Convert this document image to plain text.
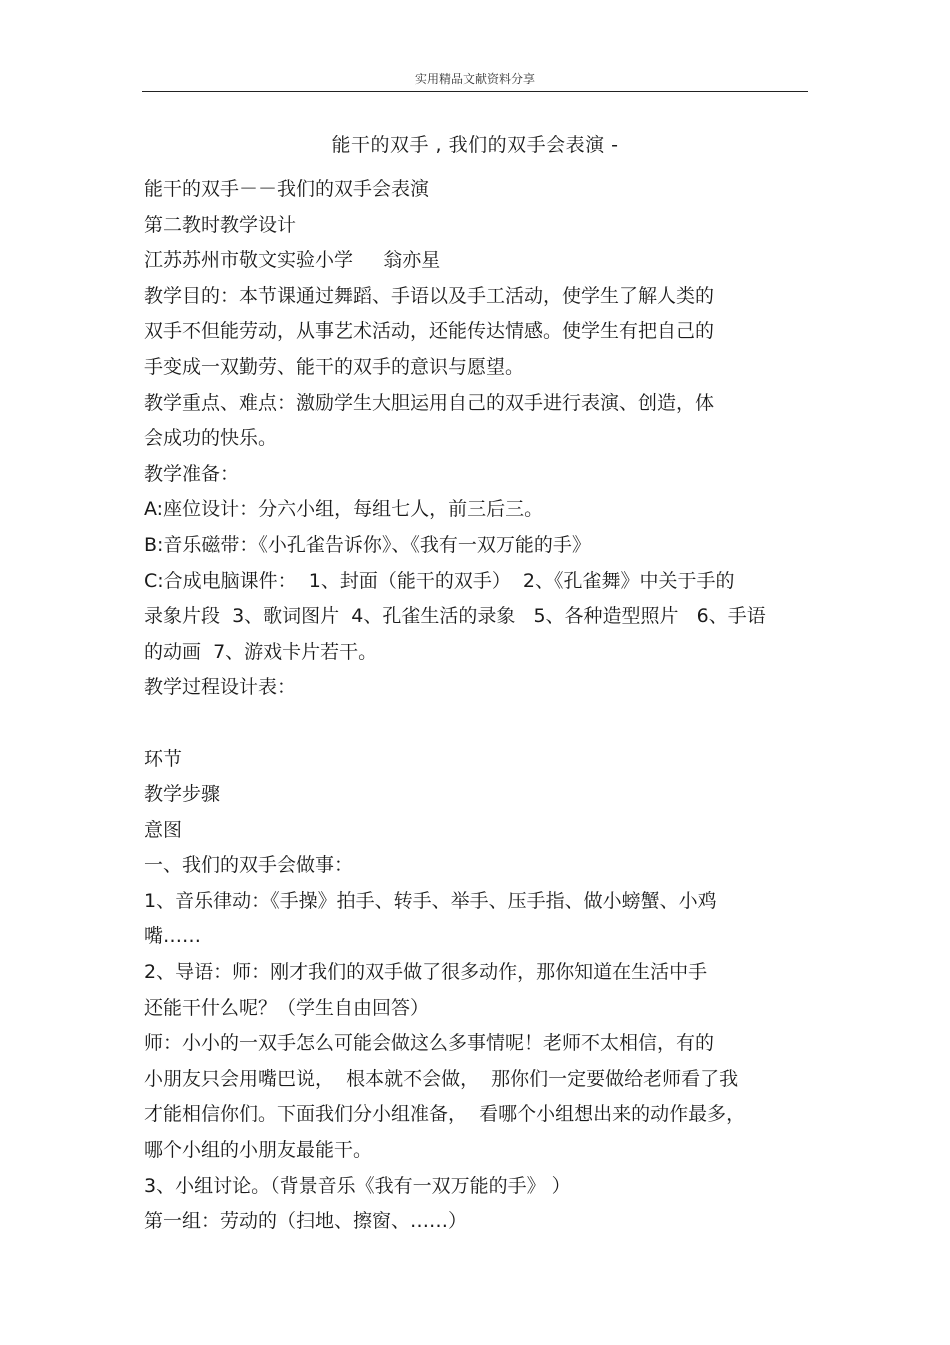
实用精品文献资料分享
能干的双手 , 我们的双手会表演 -
能干的双手－－我们的双手会表演
第二教时教学设计
江苏苏州市敬文实验小学     翁亦星
教学目的：本节课通过舞蹈、手语以及手工活动，使学生了解人类的
双手不但能劳动，从事艺术活动，还能传达情感。使学生有把自己的
手变成一双勤劳、能干的双手的意识与愿望。
教学重点、难点：激励学生大胆运用自己的双手进行表演、创造，体
会成功的快乐。
教学准备：
A:座位设计：分六小组，每组七人，前三后三。
B:音乐磁带：《小孔雀告诉你》、《我有一双万能的手》
C:合成电脑课件：  1、封面（能干的双手）  2、《孔雀舞》中关于手的
录象片段  3、歌词图片  4、孔雀生活的录象   5、各种造型照片   6、手语
的动画  7、游戏卡片若干。
教学过程设计表：
环节
教学步骤
意图
一、我们的双手会做事：
1、音乐律动：《手操》拍手、转手、举手、压手指、做小螃蟹、小鸡
嘴……
2、导语：师：刚才我们的双手做了很多动作，那你知道在生活中手
还能干什么呢？（学生自由回答）
师：小小的一双手怎么可能会做这么多事情呢！老师不太相信，有的
小朋友只会用嘴巴说，  根本就不会做，  那你们一定要做给老师看了我
才能相信你们。下面我们分小组准备，  看哪个小组想出来的动作最多，
哪个小组的小朋友最能干。
3、小组讨论。（背景音乐《我有一双万能的手》 ）
第一组：劳动的（扫地、擦窗、……）
